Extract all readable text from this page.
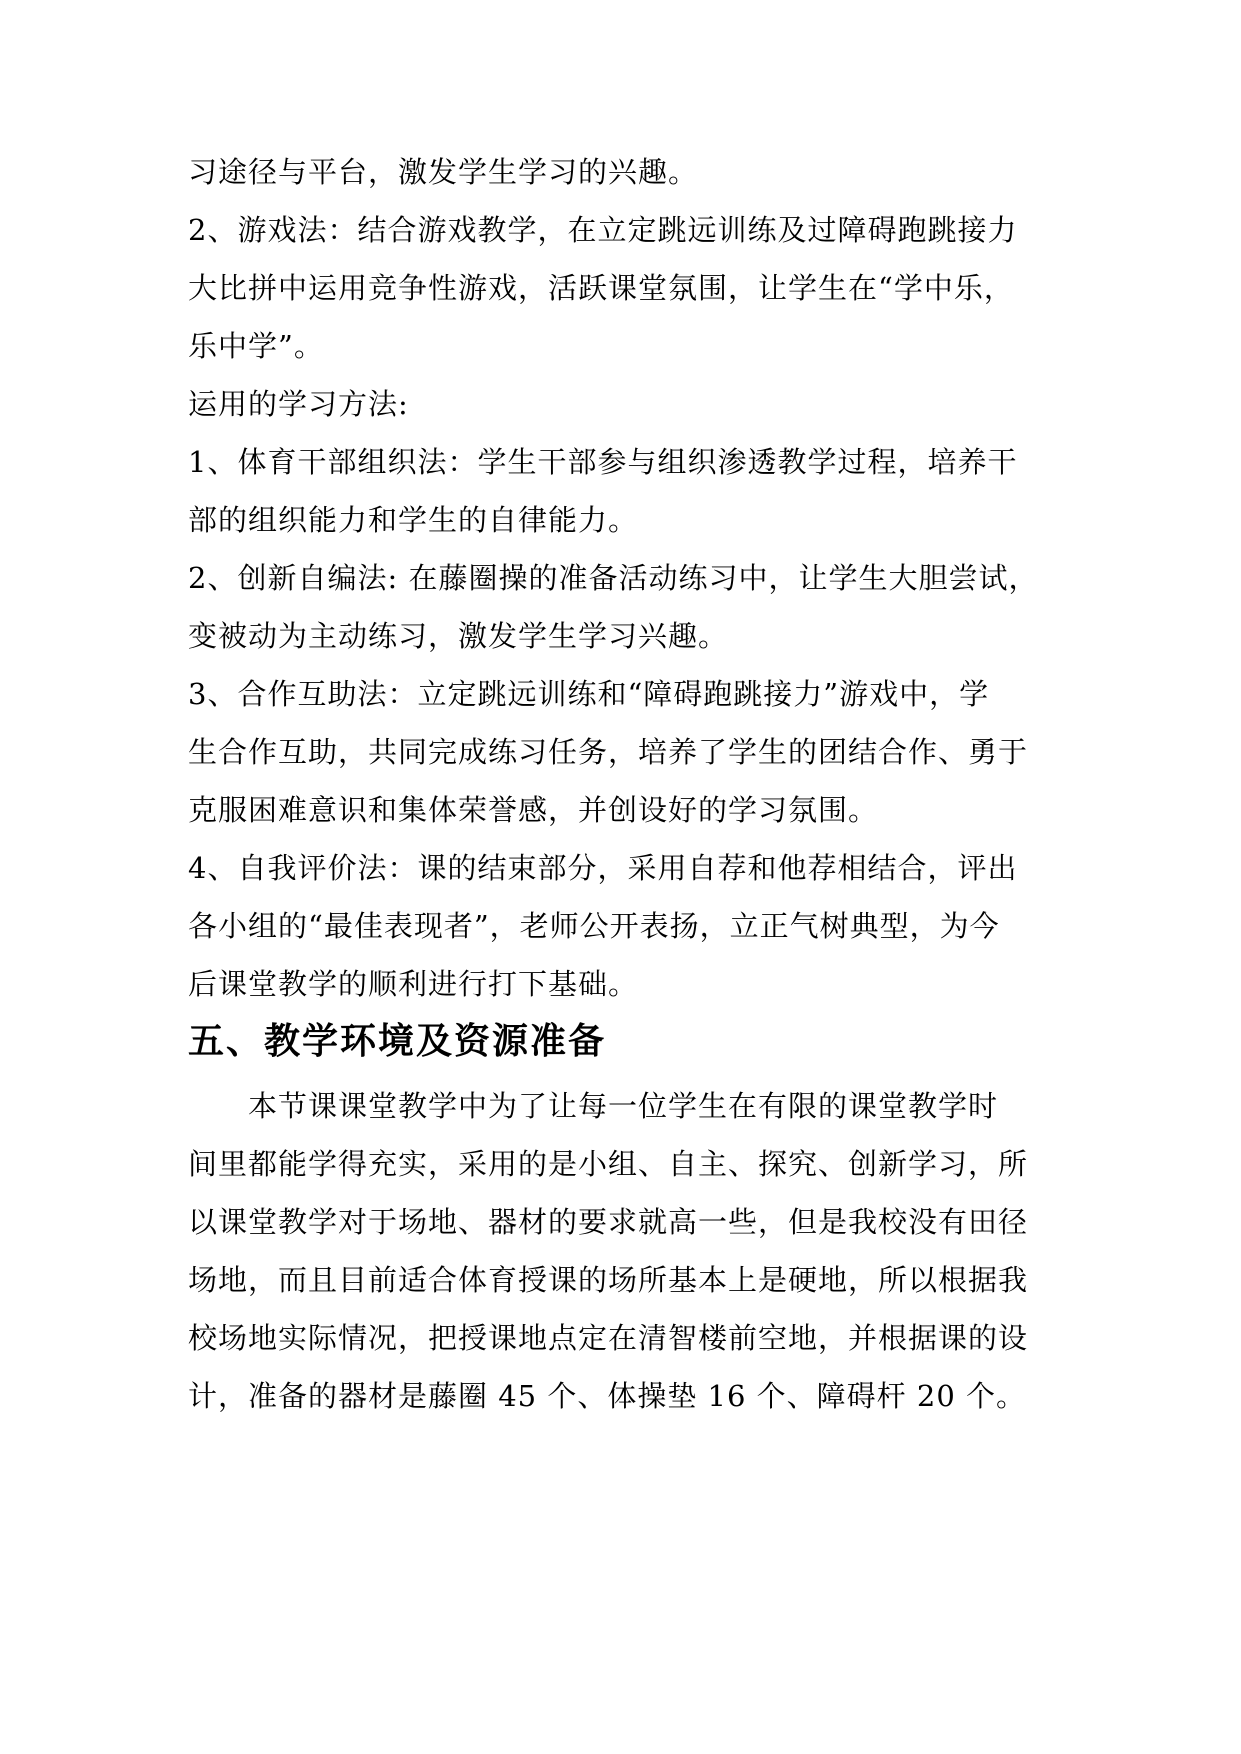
习途径与平台，激发学生学习的兴趣。
2、游戏法：结合游戏教学，在立定跳远训练及过障碍跑跳接力
大比拼中运用竞争性游戏，活跃课堂氛围，让学生在“学中乐，
乐中学”。
运用的学习方法:
1、体育干部组织法：学生干部参与组织渗透教学过程，培养干
部的组织能力和学生的自律能力。
2、创新自编法: 在藤圈操的准备活动练习中，让学生大胆尝试，
变被动为主动练习，激发学生学习兴趣。
3、合作互助法：立定跳远训练和“障碍跑跳接力”游戏中，学
生合作互助，共同完成练习任务，培养了学生的团结合作、勇于
克服困难意识和集体荣誉感，并创设好的学习氛围。
4、自我评价法：课的结束部分，采用自荐和他荐相结合，评出
各小组的“最佳表现者”，老师公开表扬，立正气树典型，为今
后课堂教学的顺利进行打下基础。
五、教学环境及资源准备
本节课课堂教学中为了让每一位学生在有限的课堂教学时
间里都能学得充实，采用的是小组、自主、探究、创新学习，所
以课堂教学对于场地、器材的要求就高一些，但是我校没有田径
场地，而且目前适合体育授课的场所基本上是硬地，所以根据我
校场地实际情况，把授课地点定在清智楼前空地，并根据课的设
计，准备的器材是藤圈 45 个、体操垫 16 个、障碍杆 20 个。
